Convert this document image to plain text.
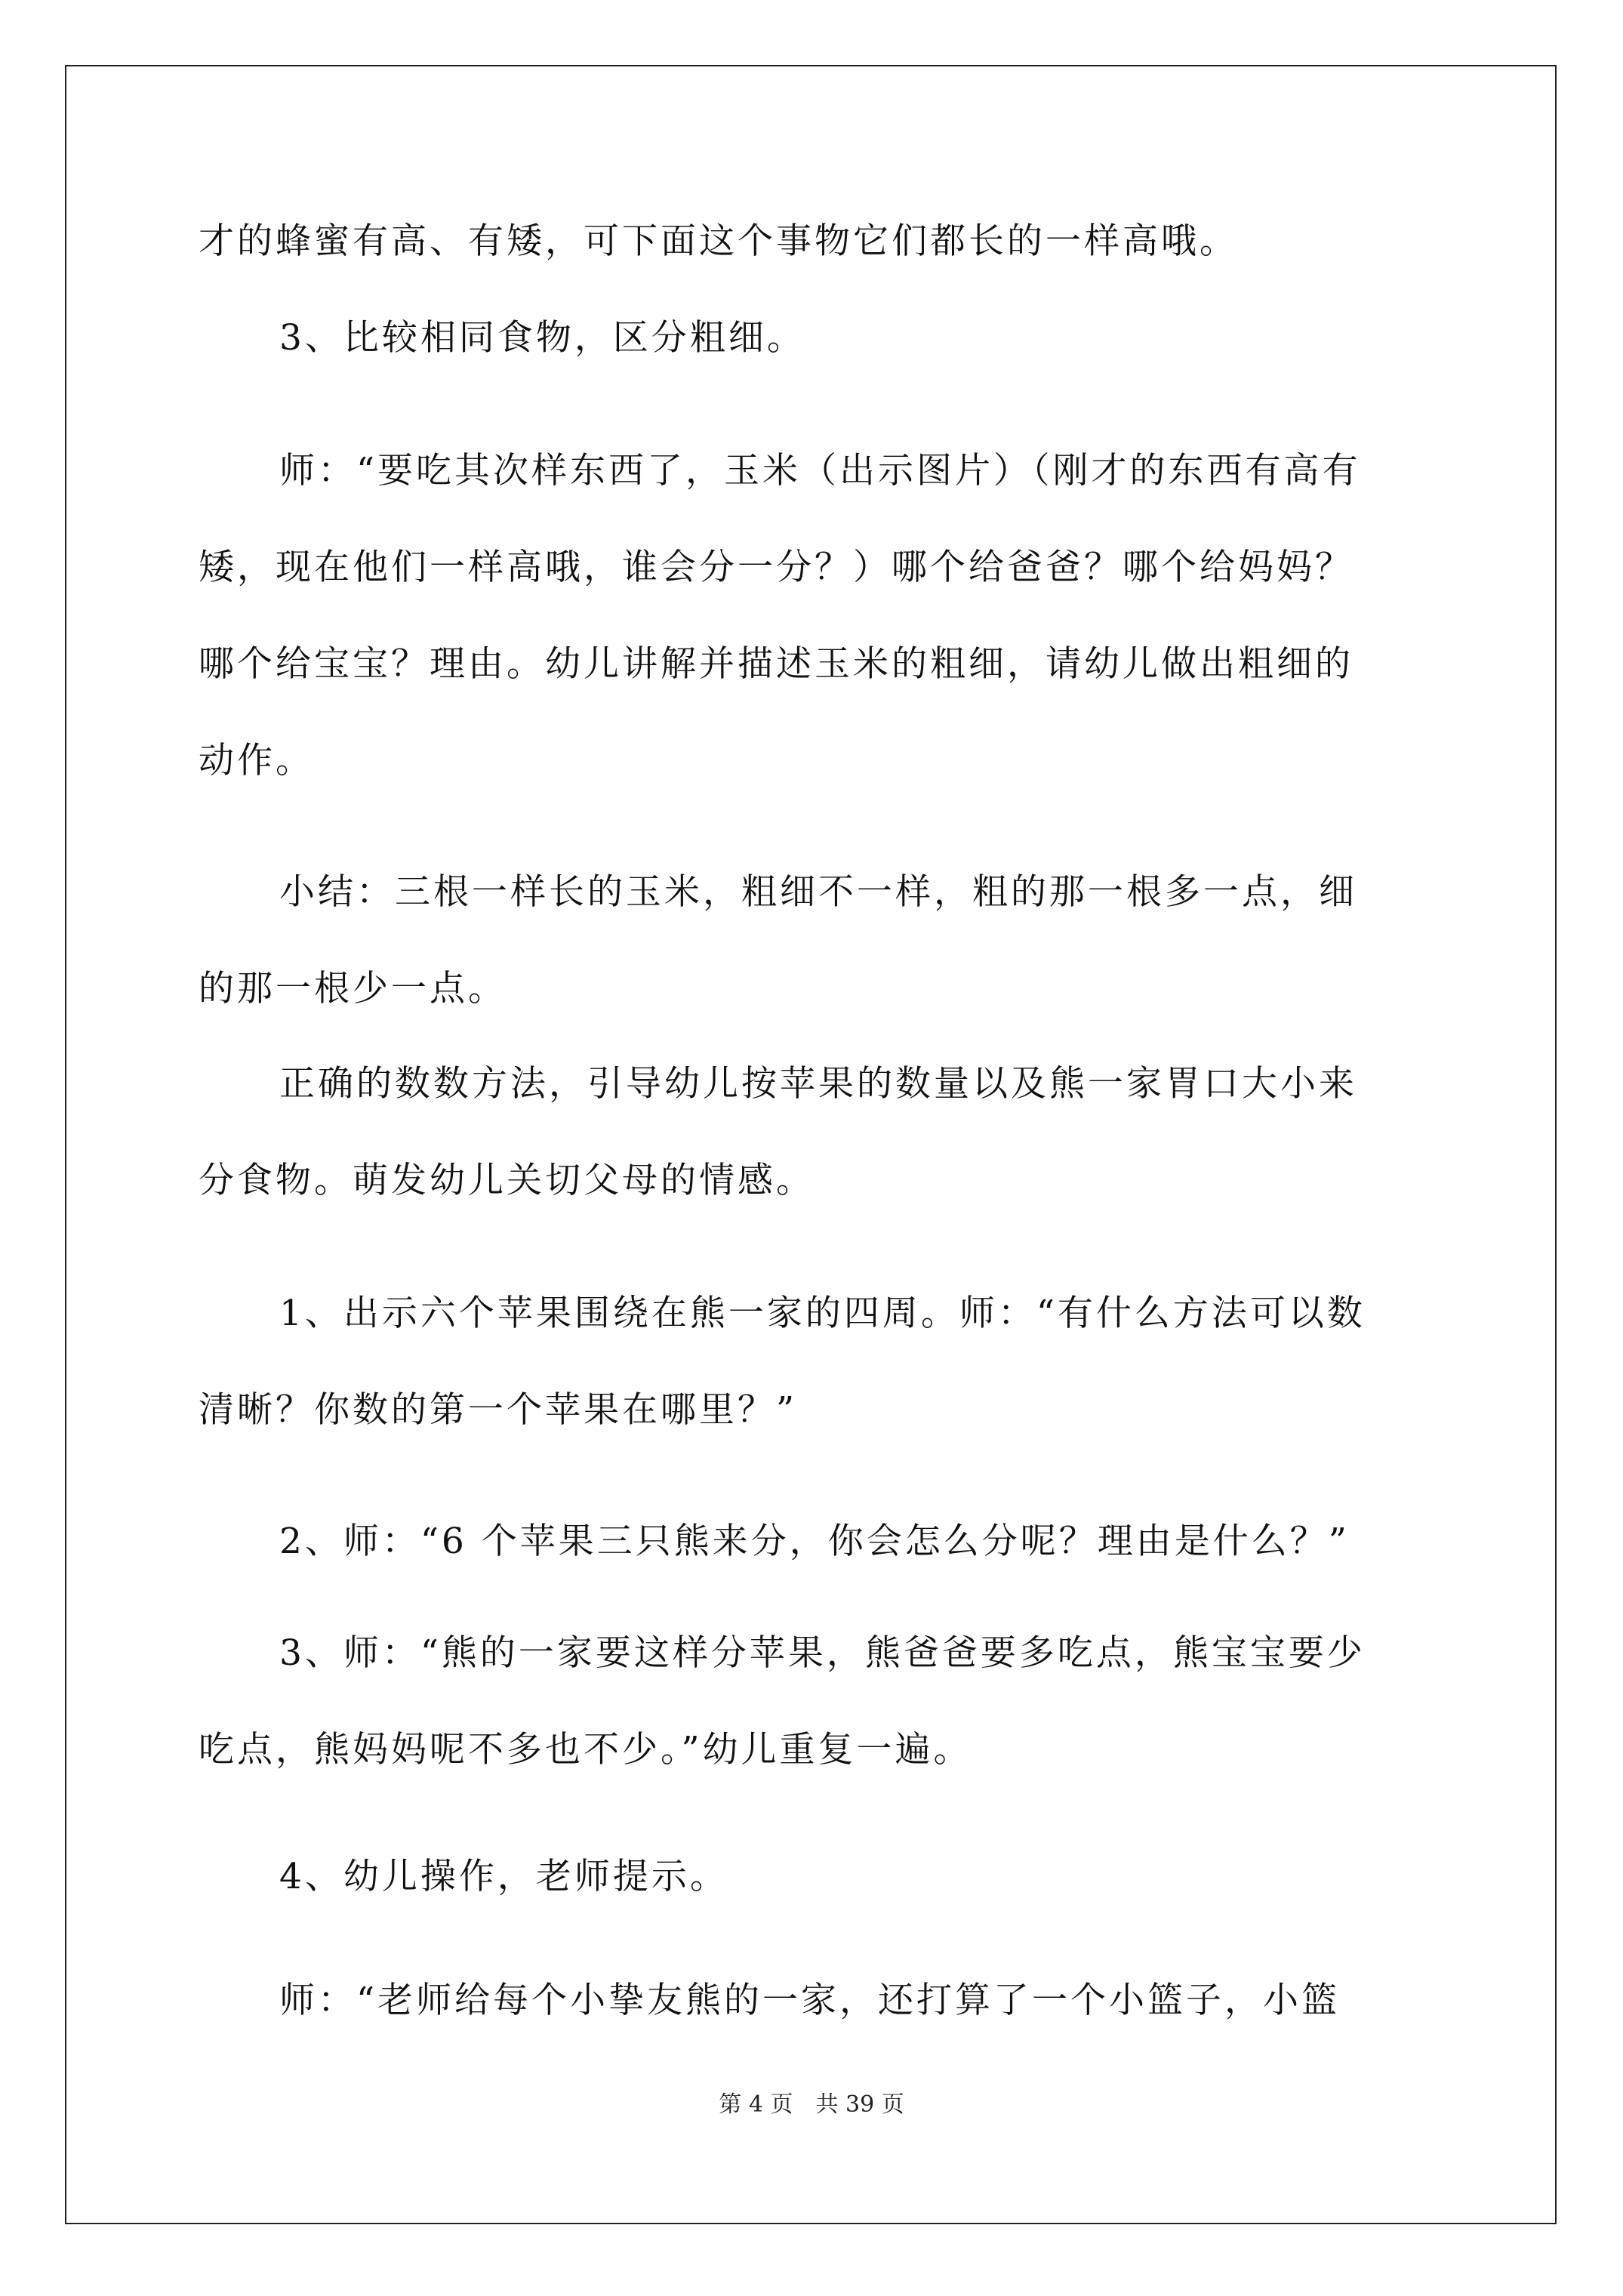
才的蜂蜜有高、有矮，可下面这个事物它们都长的一样高哦。
3、比较相同食物，区分粗细。
师：“要吃其次样东西了，玉米（出示图片）（刚才的东西有高有
矮，现在他们一样高哦，谁会分一分？）哪个给爸爸？哪个给妈妈？
哪个给宝宝？理由。幼儿讲解并描述玉米的粗细，请幼儿做出粗细的
动作。
小结：三根一样长的玉米，粗细不一样，粗的那一根多一点，细
的那一根少一点。
正确的数数方法，引导幼儿按苹果的数量以及熊一家胃口大小来
分食物。萌发幼儿关切父母的情感。
1、出示六个苹果围绕在熊一家的四周。师：“有什么方法可以数
清晰？你数的第一个苹果在哪里？”
2、师：“6 个苹果三只熊来分，你会怎么分呢？理由是什么？”
3、师：“熊的一家要这样分苹果，熊爸爸要多吃点，熊宝宝要少
吃点，熊妈妈呢不多也不少。”幼儿重复一遍。
4、幼儿操作，老师提示。
师：“老师给每个小挚友熊的一家，还打算了一个小篮子，小篮
第 4 页　共 39 页
